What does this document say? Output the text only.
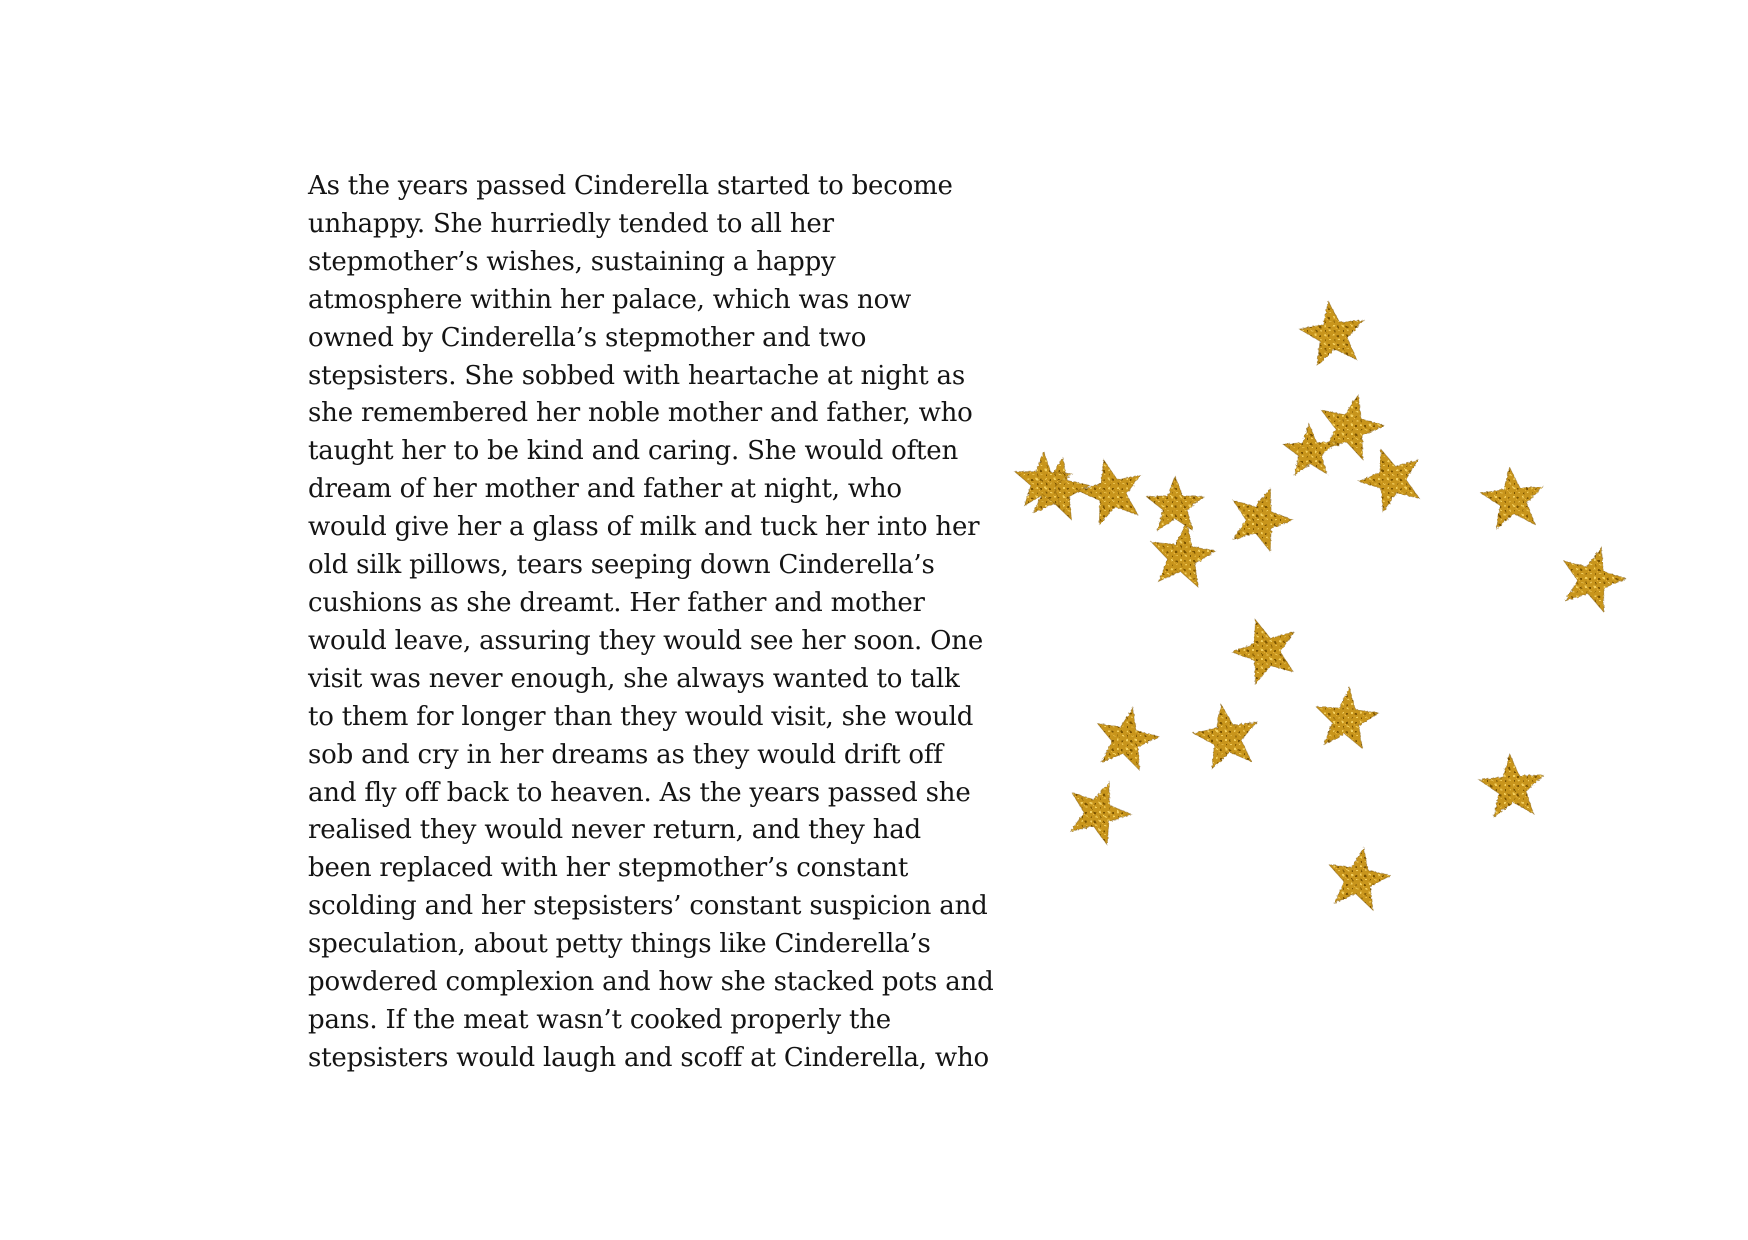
As the years passed Cinderella started to become
unhappy. She hurriedly tended to all her
stepmother’s wishes, sustaining a happy
atmosphere within her palace, which was now
owned by Cinderella’s stepmother and two
stepsisters. She sobbed with heartache at night as
she remembered her noble mother and father, who
taught her to be kind and caring. She would often
dream of her mother and father at night, who
would give her a glass of milk and tuck her into her
old silk pillows, tears seeping down Cinderella’s
cushions as she dreamt. Her father and mother
would leave, assuring they would see her soon. One
visit was never enough, she always wanted to talk
to them for longer than they would visit, she would
sob and cry in her dreams as they would drift off
and fly off back to heaven. As the years passed she
realised they would never return, and they had
been replaced with her stepmother’s constant
scolding and her stepsisters’ constant suspicion and
speculation, about petty things like Cinderella’s
powdered complexion and how she stacked pots and
pans. If the meat wasn’t cooked properly the
stepsisters would laugh and scoff at Cinderella, who
